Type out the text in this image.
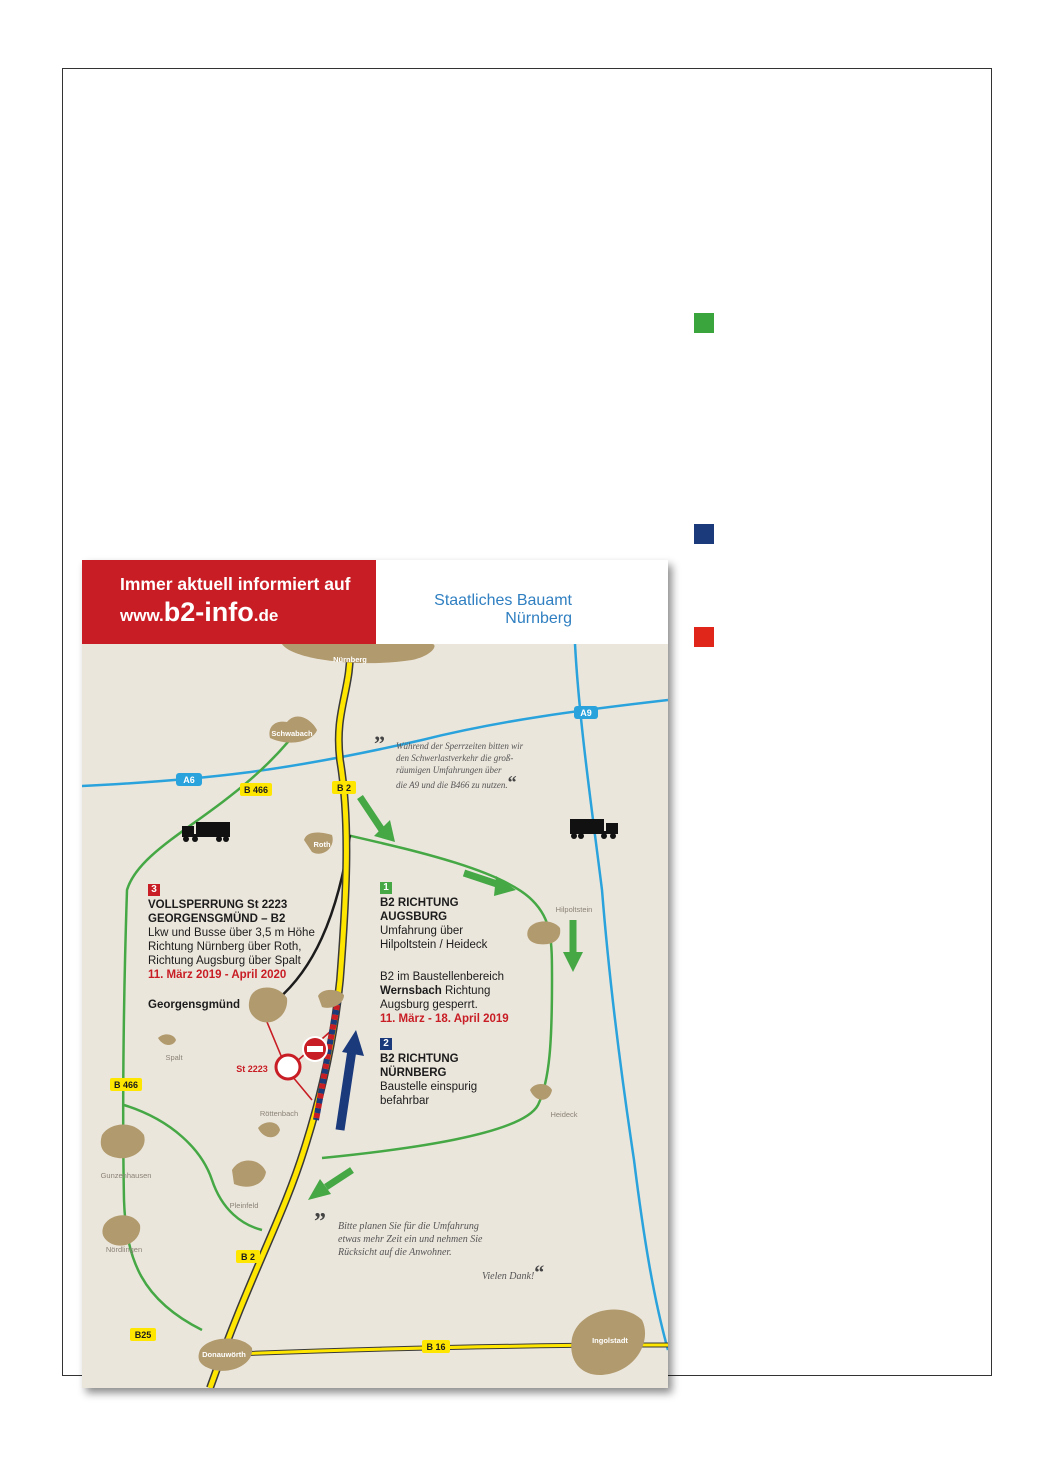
Nürnberg
Schwabach
Roth
Hilpoltstein
Spalt
Röttenbach	Heideck
Gunzenhausen
Pleinfeld
Nördlingen
Donauwörth
Ingolstadt
A6
A9
B 466	B 2
B 466
B 2
B25
B 16
St 2223
Immer aktuell informiert auf
www.b2-info.de
Staatliches Bauamt
Nürnberg
Georgensgmünd
3
VOLLSPERRUNG St 2223
GEORGENSGMÜND – B2
Lkw und Busse über 3,5 m Höhe
Richtung Nürnberg über Roth,
Richtung Augsburg über Spalt
11. März 2019 - April 2020
1
B2 RICHTUNG
AUGSBURG
Umfahrung über
Hilpoltstein / Heideck
B2 im Baustellenbereich
Wernsbach Richtung
Augsburg gesperrt.
11. März - 18. April 2019
2
B2 RICHTUNG
NÜRNBERG
Baustelle einspurig
befahrbar
”	Während der Sperrzeiten bitten wir
den Schwerlastverkehr die groß-
räumigen Umfahrungen über
die A9 und die B466 zu nutzen.“
”	Bitte planen Sie für die Umfahrung
etwas mehr Zeit ein und nehmen Sie
Rücksicht auf die Anwohner.
Vielen Dank!“
